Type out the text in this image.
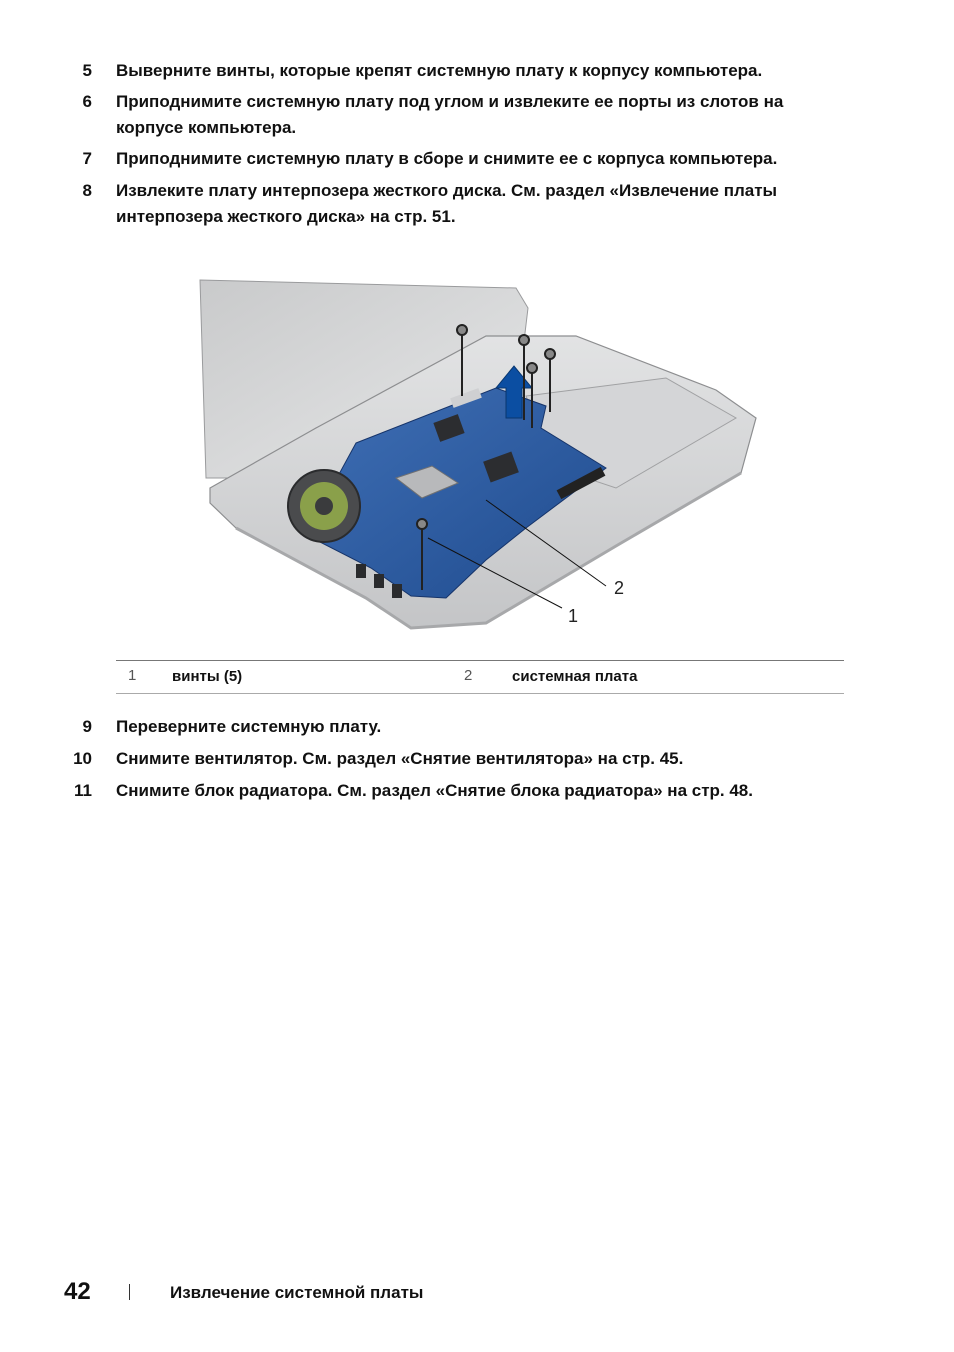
5 Выверните винты, которые крепят системную плату к корпусу компьютера.
6 Приподнимите системную плату под углом и извлеките ее порты из слотов на корпусе компьютера.
7 Приподнимите системную плату в сборе и снимите ее с корпуса компьютера.
8 Извлеките плату интерпозера жесткого диска. См. раздел «Извлечение платы интерпозера жесткого диска» на стр. 51.
1
2
1 винты (5)	2	системная плата
9 Переверните системную плату.
10 Снимите вентилятор. См. раздел «Снятие вентилятора» на стр. 45.
11 Снимите блок радиатора. См. раздел «Снятие блока радиатора» на стр. 48.
42	Извлечение системной платы
